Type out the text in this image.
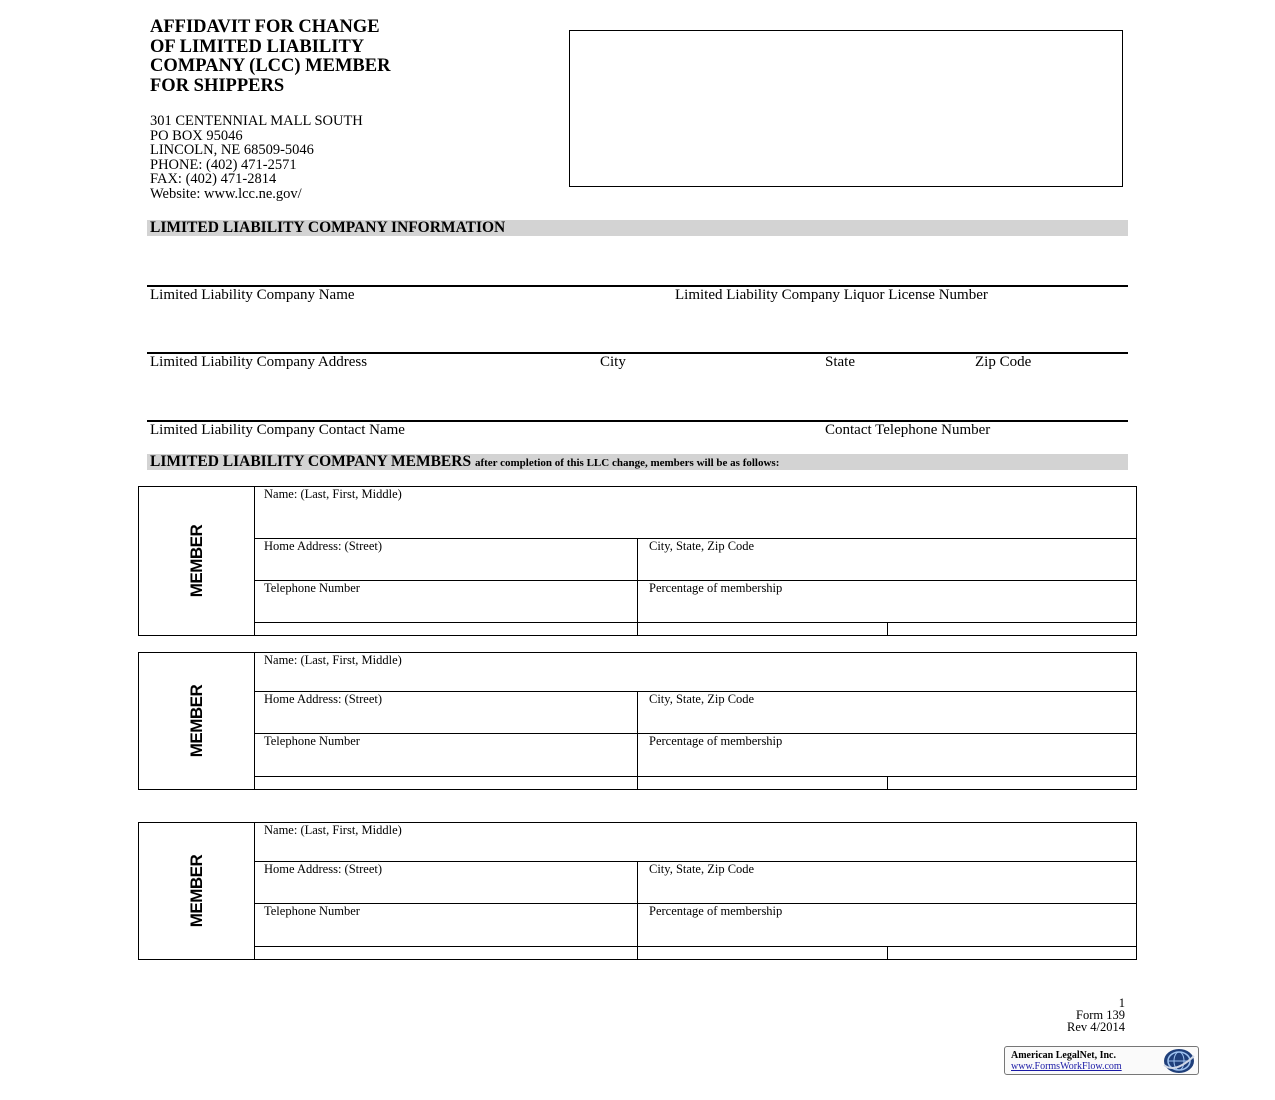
AFFIDAVIT FOR CHANGE
OF LIMITED LIABILITY
COMPANY (LCC) MEMBER
FOR SHIPPERS
301 CENTENNIAL MALL SOUTH
PO BOX 95046
LINCOLN, NE 68509-5046
PHONE: (402) 471-2571
FAX: (402) 471-2814
Website: www.lcc.ne.gov/
LIMITED LIABILITY COMPANY INFORMATION
Limited Liability Company Name	Limited Liability Company Liquor License Number
Limited Liability Company Address	City	State	Zip Code
Limited Liability Company Contact Name	Contact Telephone Number
LIMITED LIABILITY COMPANY MEMBERS after completion of this LLC change, members will be as follows:
MEMBER
Name: (Last, First, Middle)
Home Address: (Street)	City, State, Zip Code
Telephone Number	Percentage of membership
MEMBER
Name: (Last, First, Middle)
Home Address: (Street)	City, State, Zip Code
Telephone Number	Percentage of membership
MEMBER
Name: (Last, First, Middle)
Home Address: (Street)	City, State, Zip Code
Telephone Number	Percentage of membership
1
Form 139
Rev 4/2014
American LegalNet, Inc.
www.FormsWorkFlow.com
